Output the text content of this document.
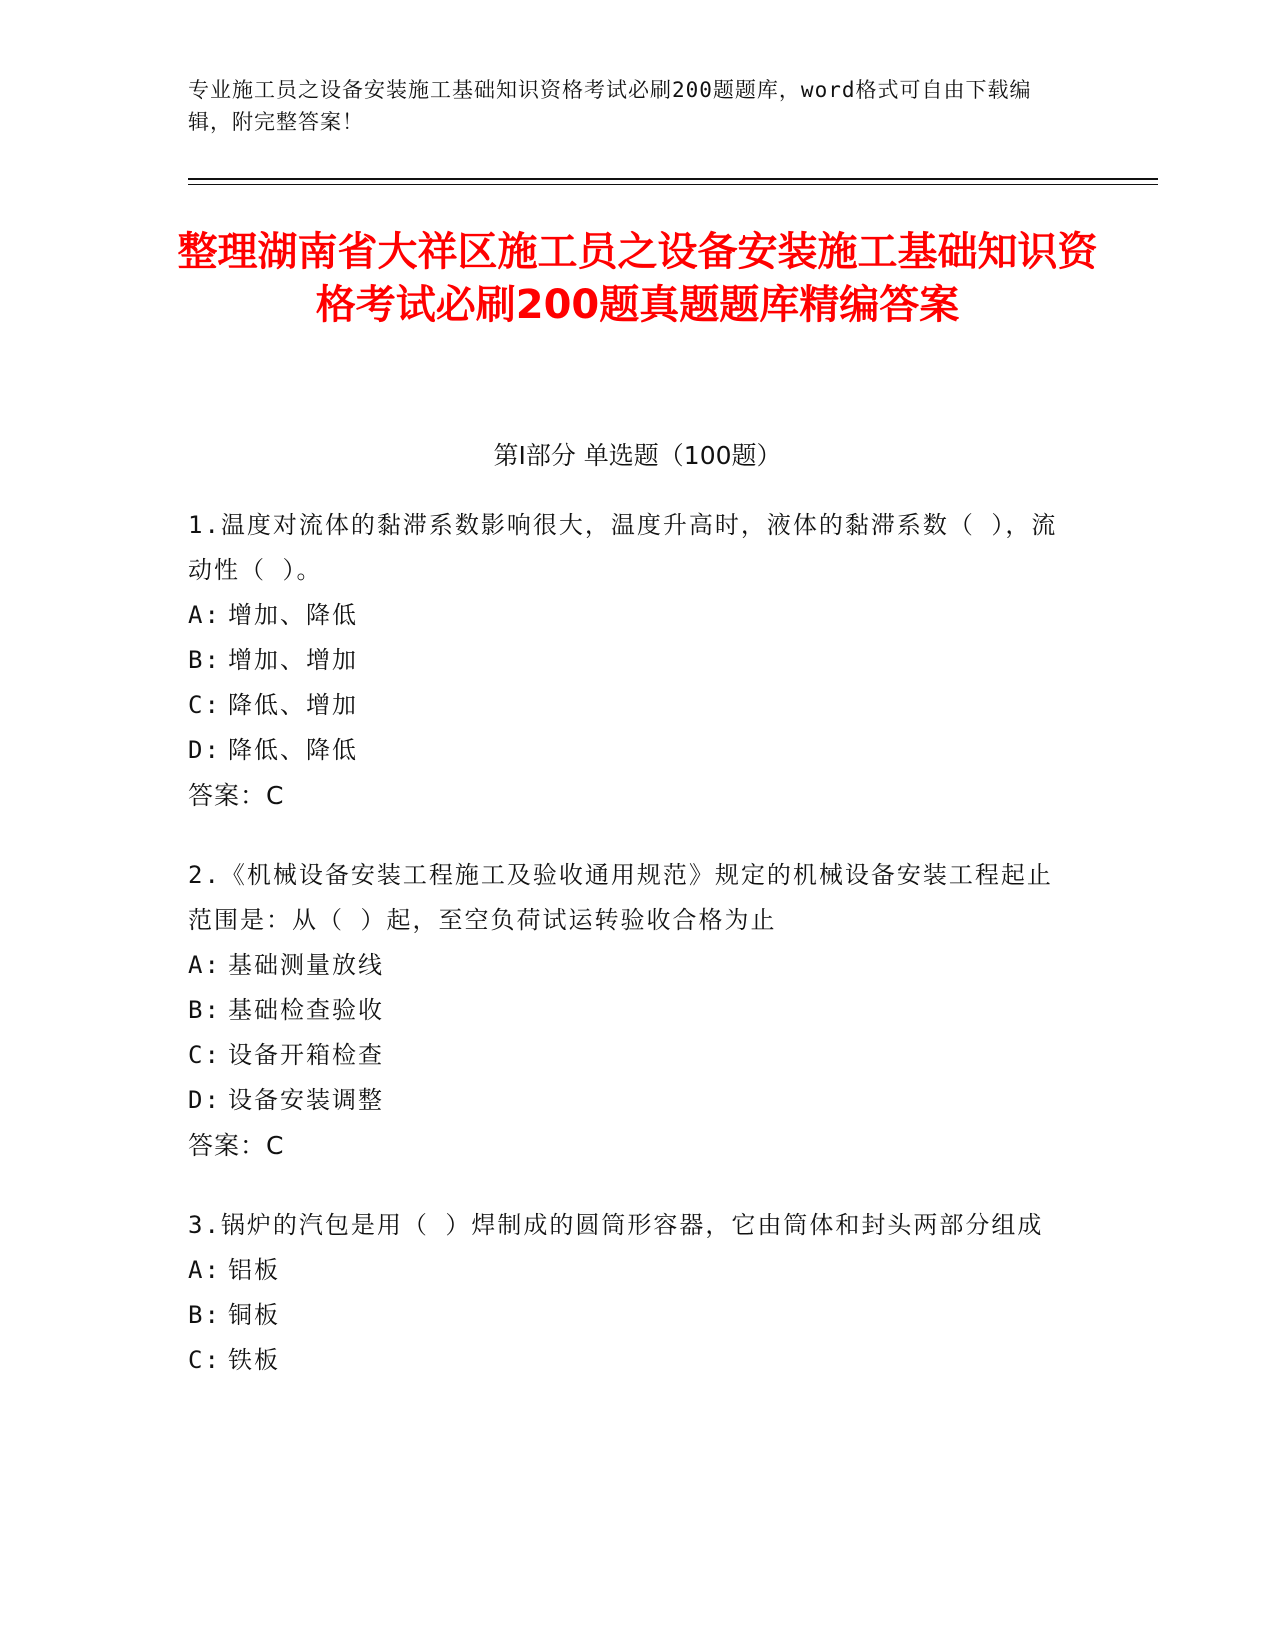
专业施工员之设备安装施工基础知识资格考试必刷200题题库，word格式可自由下载编辑，附完整答案！
整理湖南省大祥区施工员之设备安装施工基础知识资格考试必刷200题真题题库精编答案
第Ⅰ部分 单选题（100题）

1.温度对流体的黏滞系数影响很大，温度升高时，液体的黏滞系数（ ），流动性（ ）。

A: 增加、降低

B: 增加、增加

C: 降低、增加

D: 降低、降低

答案：C

2.《机械设备安装工程施工及验收通用规范》规定的机械设备安装工程起止范围是：从（ ）起，至空负荷试运转验收合格为止

A: 基础测量放线

B: 基础检查验收

C: 设备开箱检查

D: 设备安装调整

答案：C

3.锅炉的汽包是用（ ）焊制成的圆筒形容器，它由筒体和封头两部分组成

A: 铝板

B: 铜板

C: 铁板
